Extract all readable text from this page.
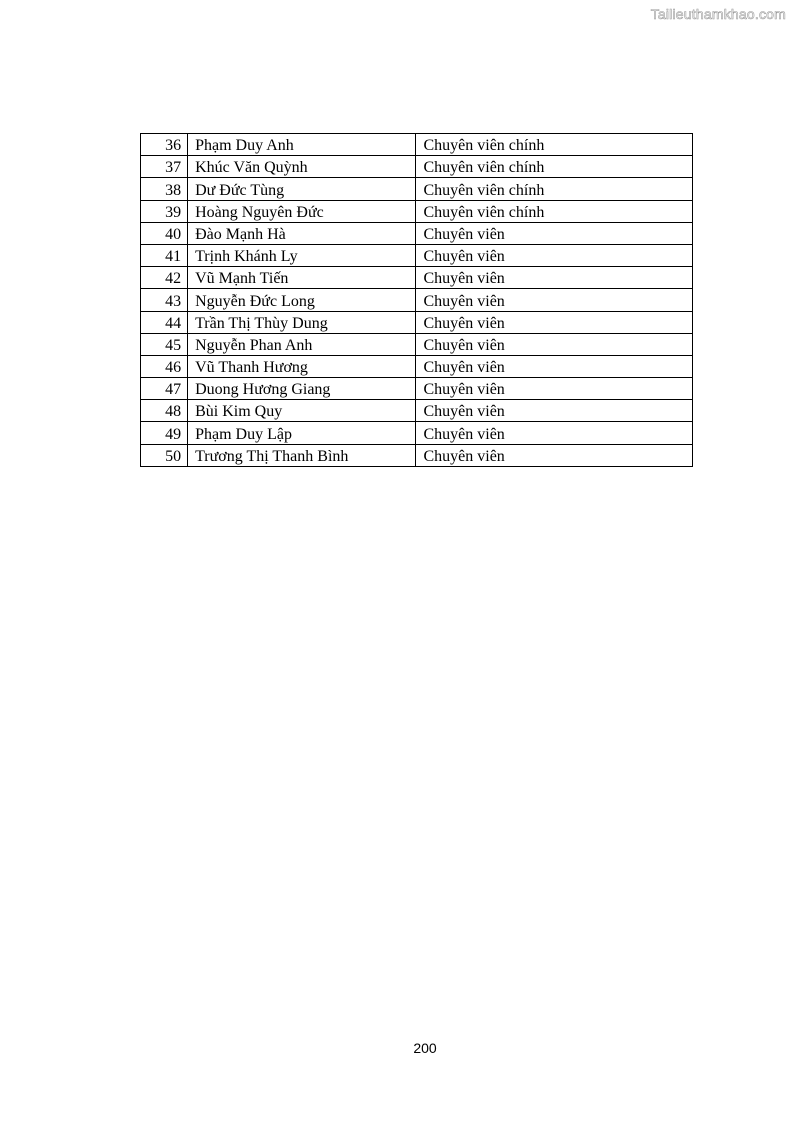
Tailieuthamkhao.com
36	Phạm Duy Anh	Chuyên viên chính
37	Khúc Văn Quỳnh	Chuyên viên chính
38	Dư Đức Tùng	Chuyên viên chính
39	Hoàng Nguyên Đức	Chuyên viên chính
40	Đào Mạnh Hà	Chuyên viên
41	Trịnh Khánh Ly	Chuyên viên
42	Vũ Mạnh Tiến	Chuyên viên
43	Nguyễn Đức Long	Chuyên viên
44	Trần Thị Thùy Dung	Chuyên viên
45	Nguyễn Phan Anh	Chuyên viên
46	Vũ Thanh Hương	Chuyên viên
47	Duong Hương Giang	Chuyên viên
48	Bùi Kim Quy	Chuyên viên
49	Phạm Duy Lập	Chuyên viên
50	Trương Thị Thanh Bình	Chuyên viên
200
